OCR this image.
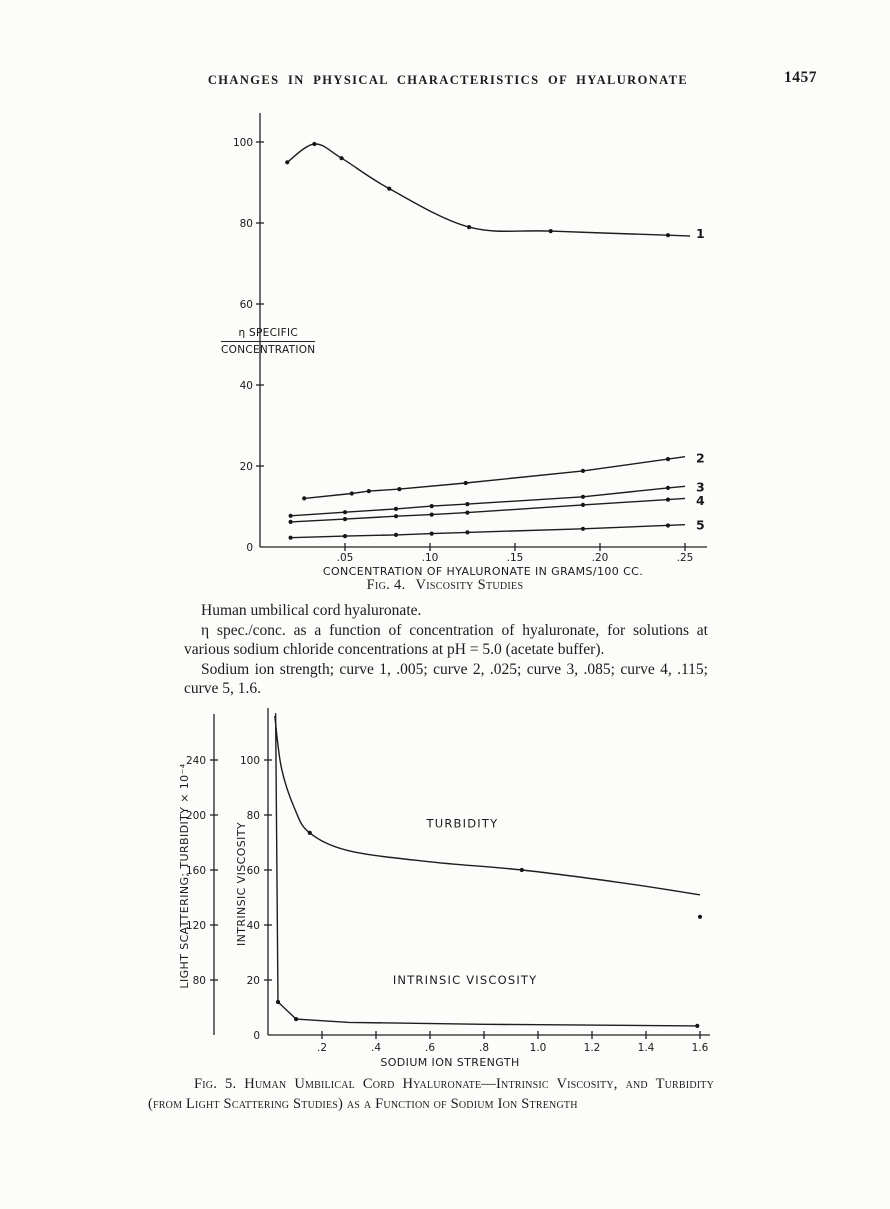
CHANGES IN PHYSICAL CHARACTERISTICS OF HYALURONATE	1457
0
20
40
60
80
100
.05	.10	.15	.20	.25
CONCENTRATION OF HYALURONATE IN GRAMS/100 CC.
1
2
3
4
5
η SPECIFIC
CONCENTRATION
Fig. 4. Viscosity Studies

Human umbilical cord hyaluronate.

η spec./conc. as a function of concentration of hyaluronate, for solutions at various sodium chloride concentrations at pH = 5.0 (acetate buffer).

Sodium ion strength; curve 1, .005; curve 2, .025; curve 3, .085; curve 4, .115; curve 5, 1.6.

0
20
40
60
80
100
80
120
160
200
240
.2	.4	.6	.8	1.0	1.2	1.4	1.6
SODIUM ION STRENGTH
LIGHT SCATTERING; TURBIDITY × 10⁻⁴	INTRINSIC VISCOSITY	TURBIDITY
INTRINSIC VISCOSITY
Fig. 5. Human Umbilical Cord Hyaluronate—Intrinsic Viscosity, and Turbidity (from Light Scattering Studies) as a Function of Sodium Ion Strength
